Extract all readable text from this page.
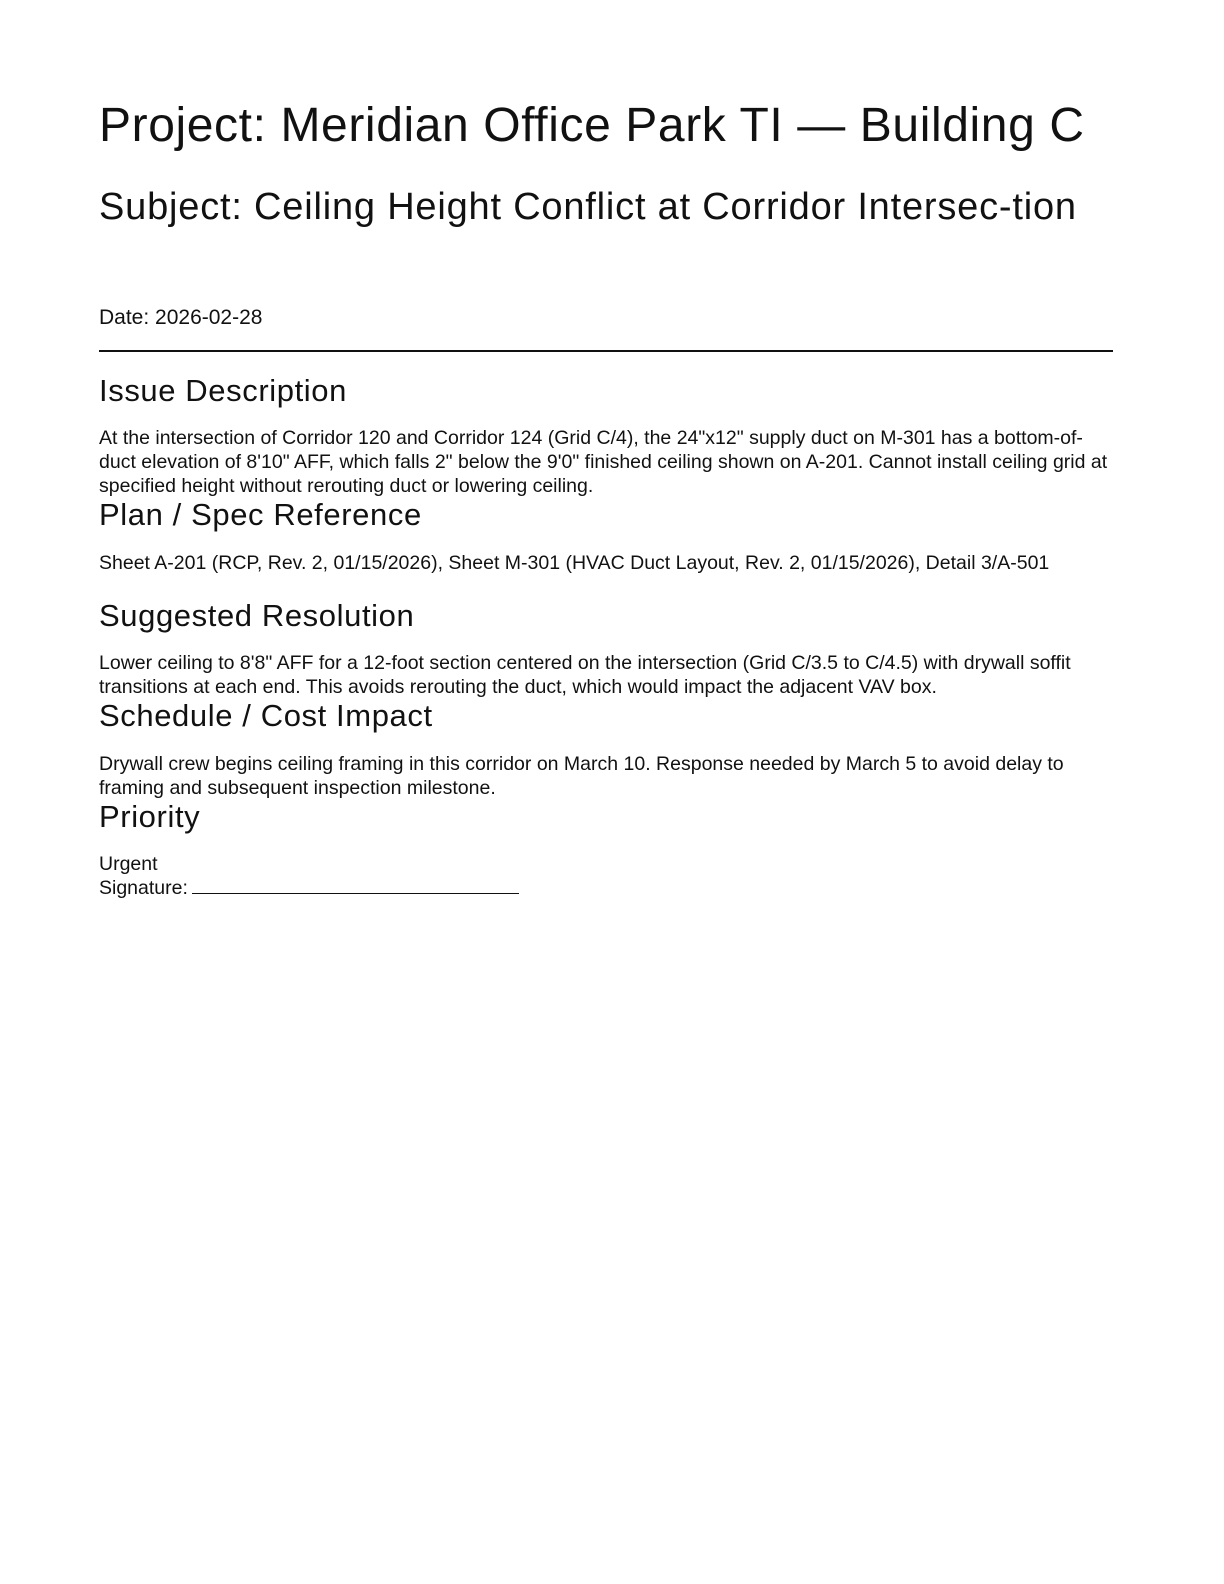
Project: Meridian Office Park TI — Building C
Subject: Ceiling Height Conflict at Corridor Intersec-tion
Date: 2026-02-28
Issue Description

At the intersection of Corridor 120 and Corridor 124 (Grid C/4), the 24"x12" supply duct on M-301 has a bottom-of-duct elevation of 8'10" AFF, which falls 2" below the 9'0" finished ceiling shown on A-201. Cannot install ceiling grid at specified height without rerouting duct or lowering ceiling.

Plan / Spec Reference

Sheet A-201 (RCP, Rev. 2, 01/15/2026), Sheet M-301 (HVAC Duct Layout, Rev. 2, 01/15/2026), Detail 3/A-501

Suggested Resolution

Lower ceiling to 8'8" AFF for a 12-foot section centered on the intersection (Grid C/3.5 to C/4.5) with drywall soffit transitions at each end. This avoids rerouting the duct, which would impact the adjacent VAV box.

Schedule / Cost Impact

Drywall crew begins ceiling framing in this corridor on March 10. Response needed by March 5 to avoid delay to framing and subsequent inspection milestone.

Priority

Urgent

Signature:
